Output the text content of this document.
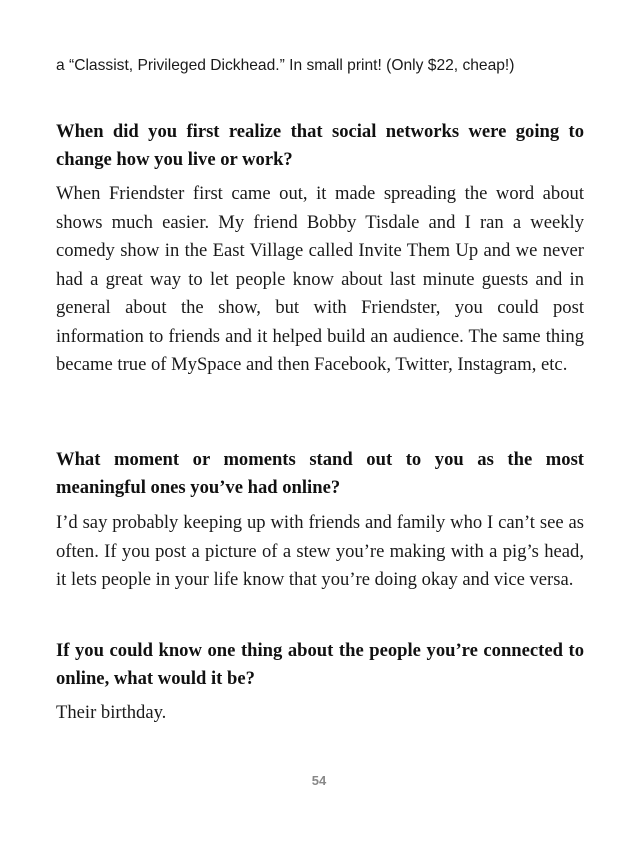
a “Classist, Privileged Dickhead.” In small print! (Only $22, cheap!)

When did you first realize that social networks were going to change how you live or work?

When Friendster first came out, it made spreading the word about shows much easier. My friend Bobby Tisdale and I ran a weekly comedy show in the East Village called Invite Them Up and we never had a great way to let people know about last minute guests and in general about the show, but with Friendster, you could post information to friends and it helped build an audience. The same thing became true of MySpace and then Facebook, Twitter, Instagram, etc.

What moment or moments stand out to you as the most meaningful ones you’ve had online?

I’d say probably keeping up with friends and family who I can’t see as often. If you post a picture of a stew you’re making with a pig’s head, it lets people in your life know that you’re doing okay and vice versa.

If you could know one thing about the people you’re connected to online, what would it be?

Their birthday.

54
